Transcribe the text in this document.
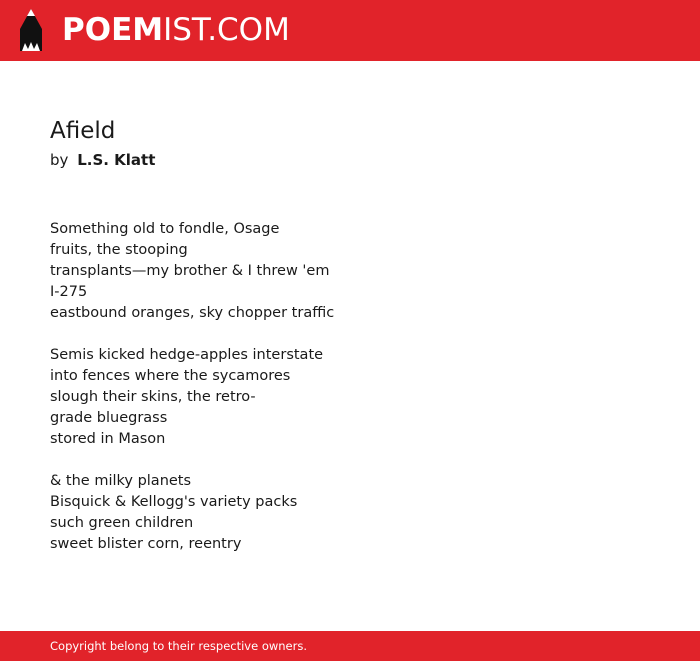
POEMIST.COM
Afield
by L.S. Klatt
Something old to fondle, Osage
fruits, the stooping
transplants—my brother & I threw 'em
I-275
eastbound oranges, sky chopper traffic
Semis kicked hedge-apples interstate
into fences where the sycamores
slough their skins, the retro-
grade bluegrass
stored in Mason
& the milky planets
Bisquick & Kellogg's variety packs
such green children
sweet blister corn, reentry
Copyright belong to their respective owners.
